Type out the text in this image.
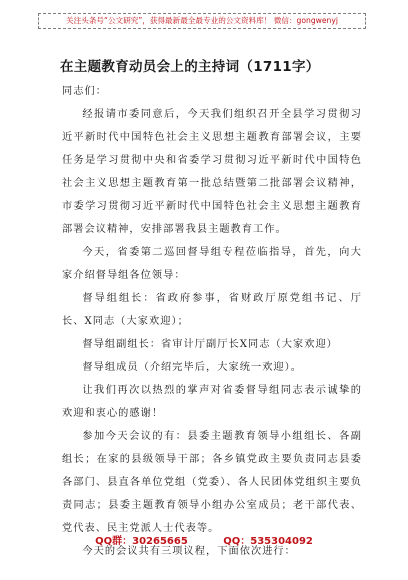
关注头条号“公文研究”，获得最新最全最专业的公文资料库！ 微信：gongwenyj
在主题教育动员会上的主持词（1711字）

同志们：

经报请市委同意后，今天我们组织召开全县学习贯彻习近平新时代中国特色社会主义思想主题教育部署会议，主要任务是学习贯彻中央和省委学习贯彻习近平新时代中国特色社会主义思想主题教育第一批总结暨第二批部署会议精神，市委学习贯彻习近平新时代中国特色社会主义思想主题教育部署会议精神，安排部署我县主题教育工作。

今天，省委第二巡回督导组专程莅临指导，首先，向大家介绍督导组各位领导：

督导组组长：省政府参事，省财政厅原党组书记、厅长、X同志（大家欢迎）；

督导组副组长：省审计厅副厅长X同志（大家欢迎）

督导组成员（介绍完毕后，大家统一欢迎）。

让我们再次以热烈的掌声对省委督导组同志表示诚挚的欢迎和衷心的感谢！

参加今天会议的有：县委主题教育领导小组组长、各副组长；在家的县级领导干部；各乡镇党政主要负责同志县委各部门、县直各单位党组（党委）、各人民团体党组织主要负责同志；县委主题教育领导小组办公室成员；老干部代表、党代表、民主党派人士代表等。

今天的会议共有三项议程，下面依次进行：

QQ群：30265665	QQ：535304092
